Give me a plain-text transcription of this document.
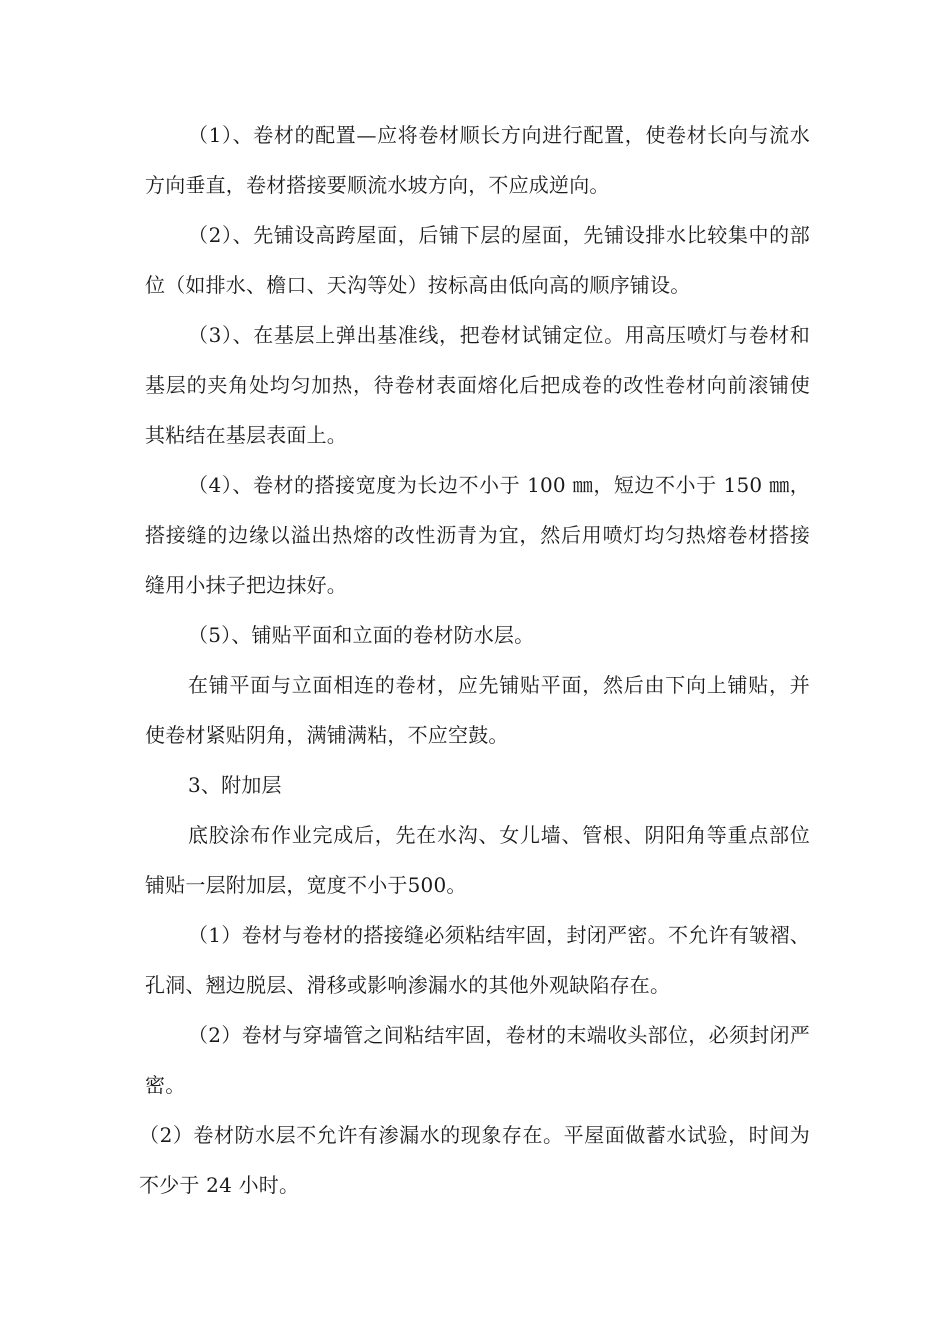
（1）、卷材的配置—应将卷材顺长方向进行配置，使卷材长向与流水方向垂直，卷材搭接要顺流水坡方向，不应成逆向。

（2）、先铺设高跨屋面，后铺下层的屋面，先铺设排水比较集中的部位（如排水、檐口、天沟等处）按标高由低向高的顺序铺设。

（3）、在基层上弹出基准线，把卷材试铺定位。用高压喷灯与卷材和基层的夹角处均匀加热，待卷材表面熔化后把成卷的改性卷材向前滚铺使其粘结在基层表面上。

（4）、卷材的搭接宽度为长边不小于 100 ㎜，短边不小于 150 ㎜，搭接缝的边缘以溢出热熔的改性沥青为宜，然后用喷灯均匀热熔卷材搭接缝用小抹子把边抹好。

（5）、铺贴平面和立面的卷材防水层。

在铺平面与立面相连的卷材，应先铺贴平面，然后由下向上铺贴，并使卷材紧贴阴角，满铺满粘，不应空鼓。

3、附加层

底胶涂布作业完成后，先在水沟、女儿墙、管根、阴阳角等重点部位铺贴一层附加层，宽度不小于500。

（1）卷材与卷材的搭接缝必须粘结牢固，封闭严密。不允许有皱褶、孔洞、翘边脱层、滑移或影响渗漏水的其他外观缺陷存在。

（2）卷材与穿墙管之间粘结牢固，卷材的末端收头部位，必须封闭严密。

（2）卷材防水层不允许有渗漏水的现象存在。平屋面做蓄水试验，时间为不少于 24 小时。
